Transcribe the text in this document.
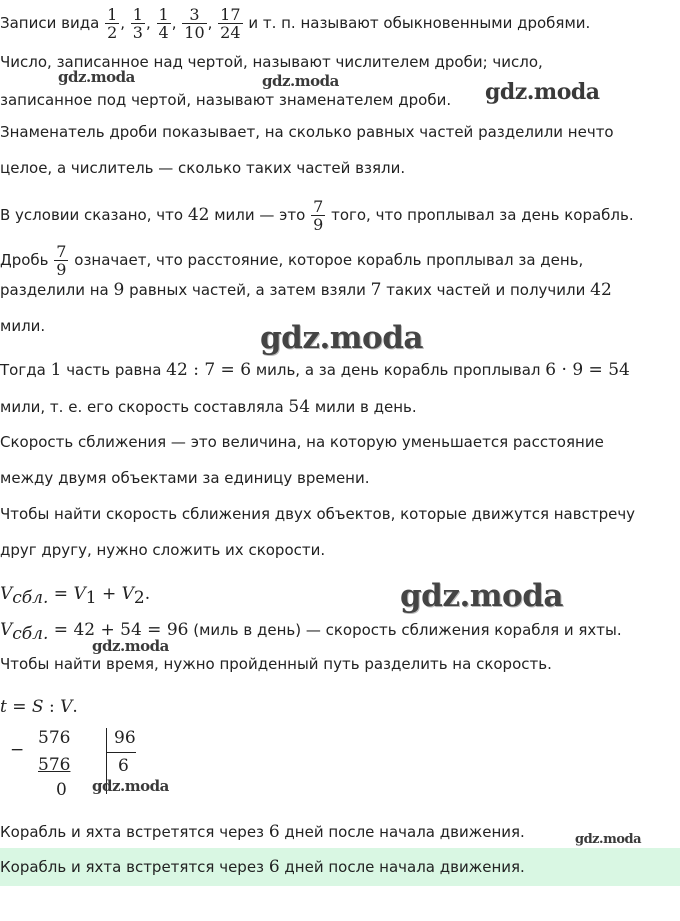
Записи вида $\frac{1}{2}$ , $\frac{1}{3}$ , $\frac{1}{4}$ , $\frac{3}{10}$ , $\frac{17}{24}$ и т. п. называют обыкновенными дробями.
Число, записанное над чертой, называют числителем дроби; число,
записанное под чертой, называют знаменателем дроби.
Знаменатель дроби показывает, на сколько равных частей разделили нечто
целое, а числитель — сколько таких частей взяли.
В условии сказано, что 42 мили — это $\frac{7}{9}$ того, что проплывал за день корабль.
Дробь $\frac{7}{9}$ означает, что расстояние, которое корабль проплывал за день,
разделили на 9 равных частей, а затем взяли 7 таких частей и получили 42
мили.
Тогда 1 часть равна 42 : 7 = 6 миль, а за день корабль проплывал 6 · 9 = 54
мили, т. е. его скорость составляла 54 мили в день.
Скорость сближения — это величина, на которую уменьшается расстояние
между двумя объектами за единицу времени.
Чтобы найти скорость сближения двух объектов, которые движутся навстречу
друг другу, нужно сложить их скорости.
$V_{сбл.} = V_1 + V_2$.
$V_{сбл.} = 42 + 54 = 96$ (миль в день) — скорость сближения корабля и яхты.
Чтобы найти время, нужно пройденный путь разделить на скорость.
t = S : V.
−
576
576
0
96
6
Корабль и яхта встретятся через 6 дней после начала движения.
Корабль и яхта встретятся через 6 дней после начала движения.
gdz.moda	gdz.moda	gdz.moda
gdz.moda
gdz.moda
gdz.moda
gdz.moda
gdz.moda
